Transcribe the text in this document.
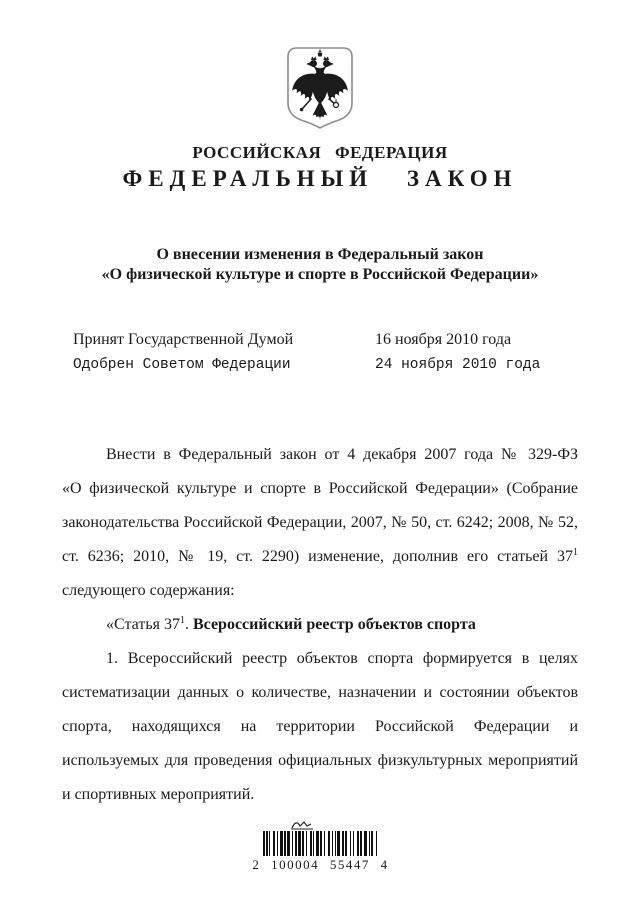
РОССИЙСКАЯ ФЕДЕРАЦИЯ
ФЕДЕРАЛЬНЫЙ ЗАКОН
О внесении изменения в Федеральный закон
«О физической культуре и спорте в Российской Федерации»
Принят Государственной Думой	16 ноября 2010 года
Одобрен Советом Федерации	24 ноября 2010 года
Внести в Федеральный закон от 4 декабря 2007 года № 329-ФЗ
«О физической культуре и спорте в Российской Федерации» (Собрание
законодательства Российской Федерации, 2007, № 50, ст. 6242; 2008, № 52,
ст. 6236; 2010, № 19, ст. 2290) изменение, дополнив его статьей $37^1$
следующего содержания:
«Статья $37^1$. Всероссийский реестр объектов спорта
1. Всероссийский реестр объектов спорта формируется в целях
систематизации данных о количестве, назначении и состоянии объектов
спорта, находящихся на территории Российской Федерации и
используемых для проведения официальных физкультурных мероприятий
и спортивных мероприятий.
2 100004 55447 4
